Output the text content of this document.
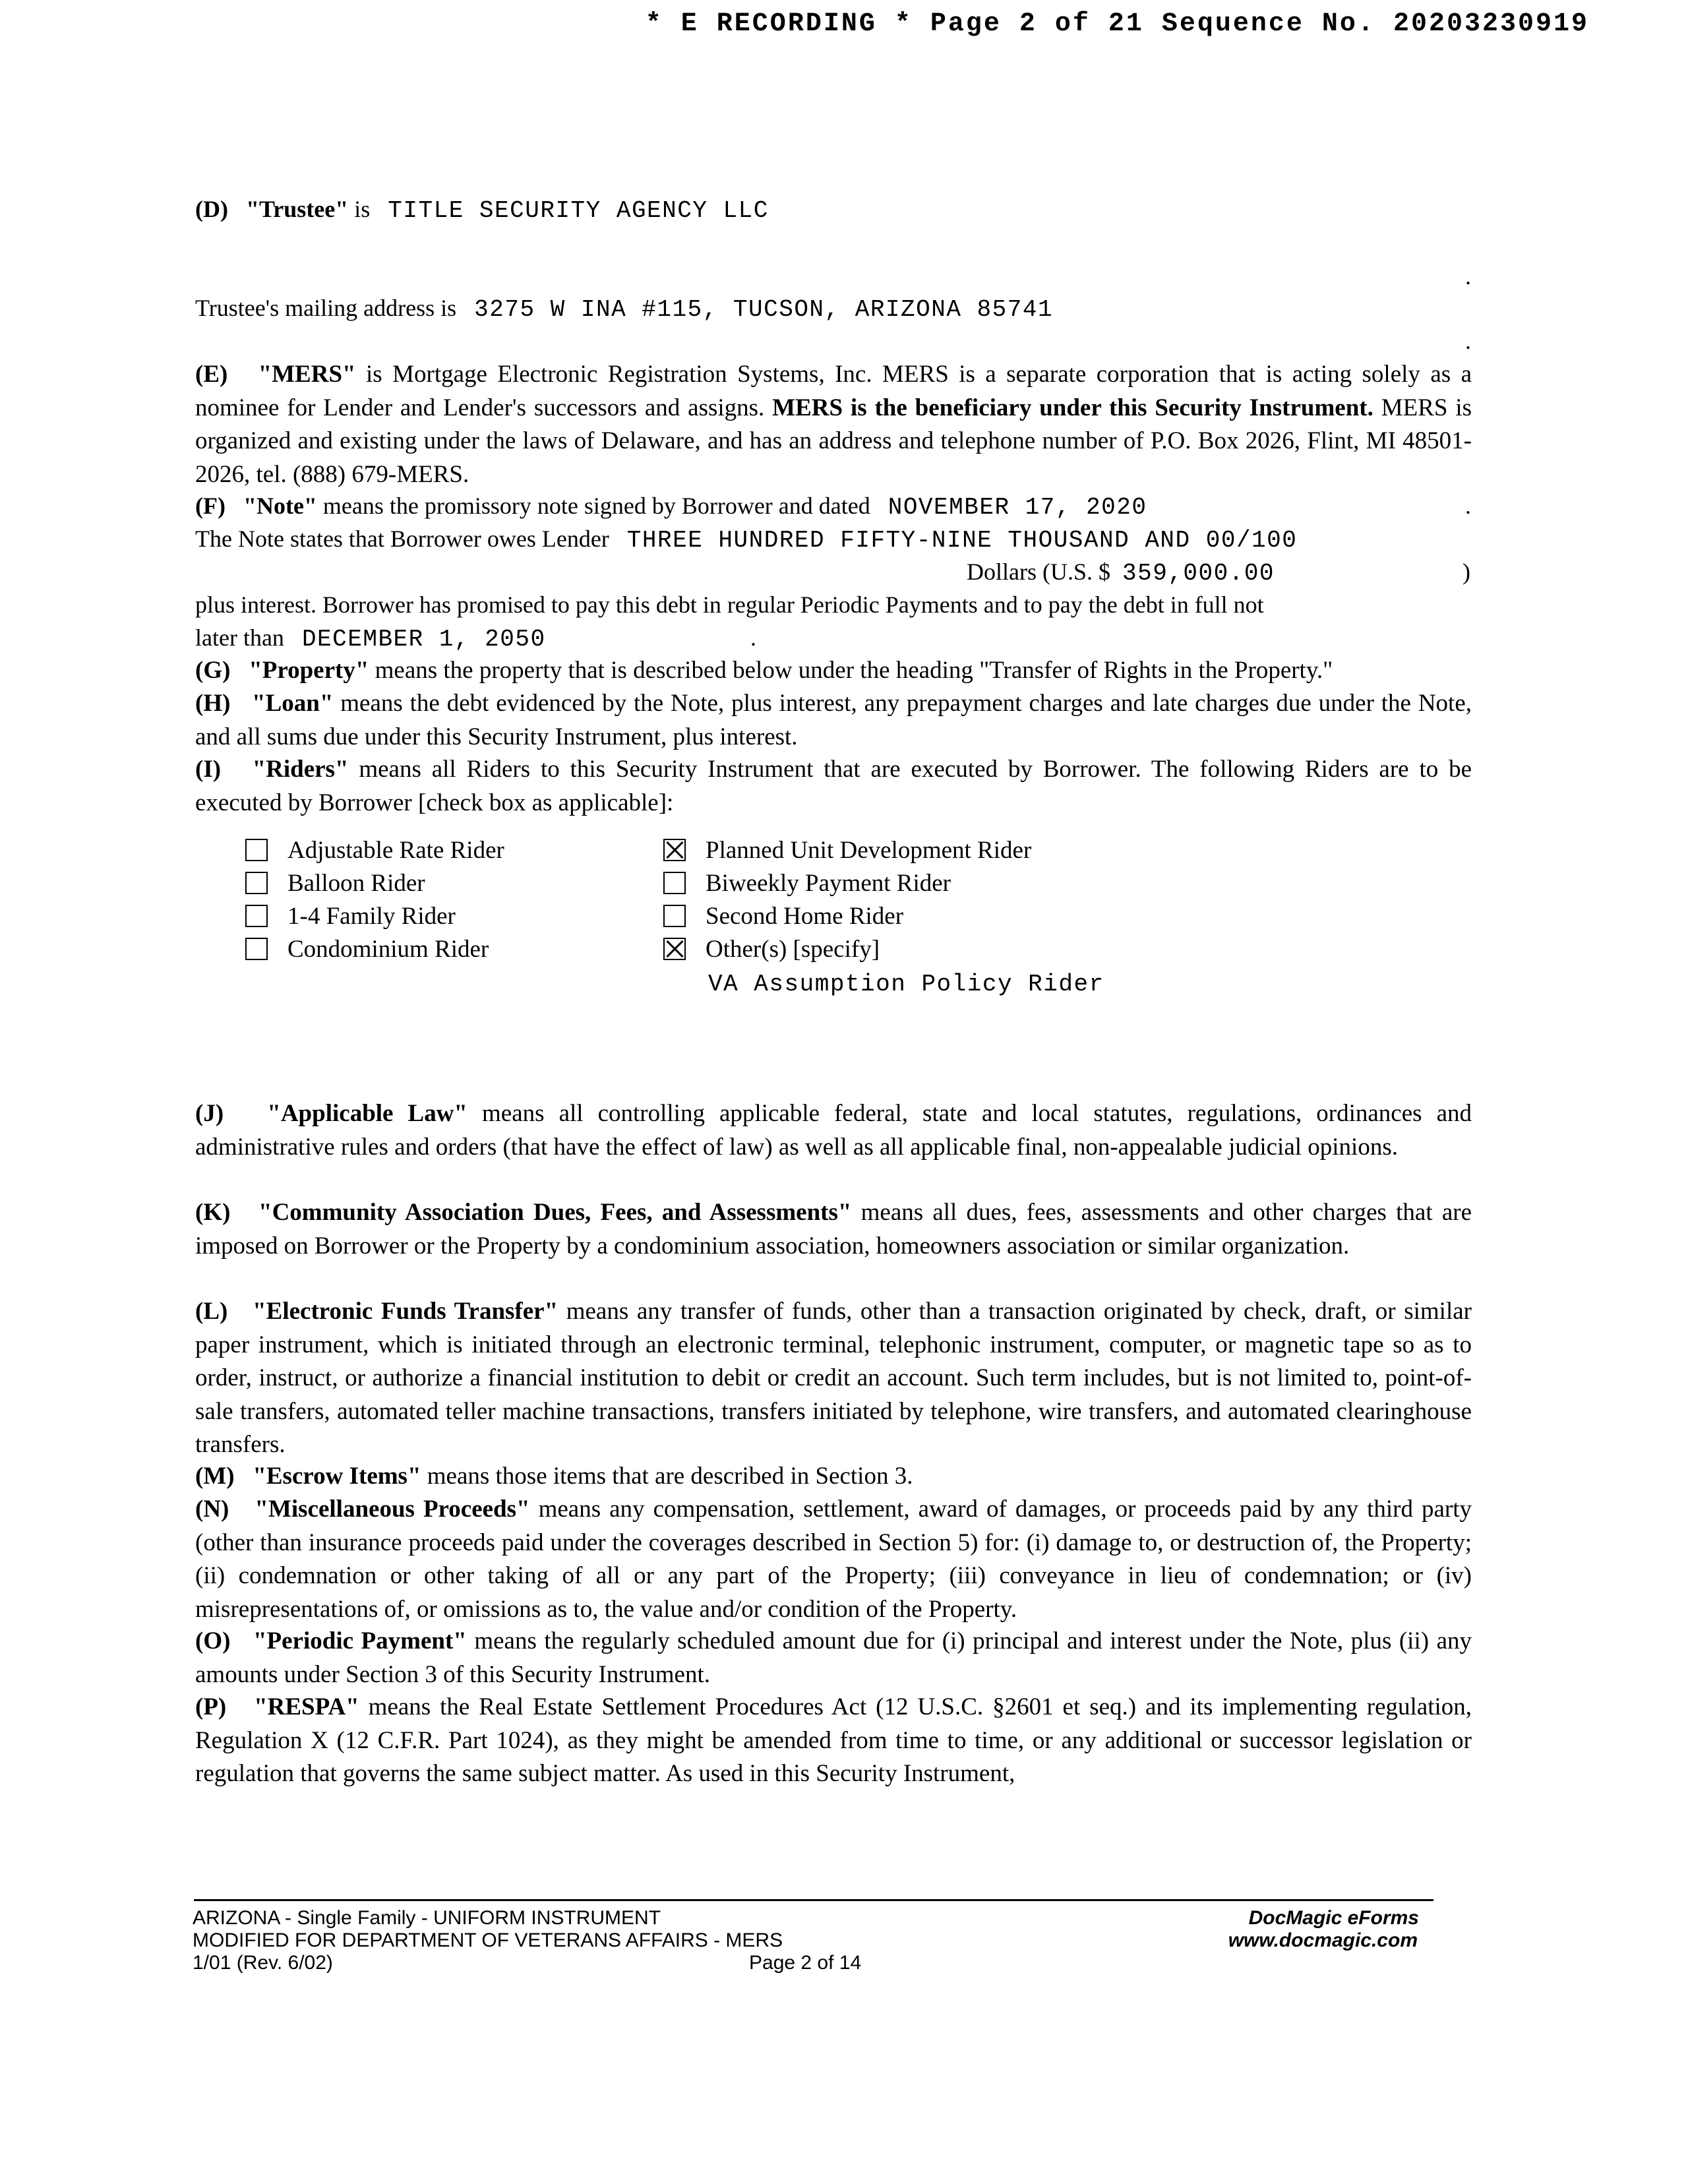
* E RECORDING * Page 2 of 21 Sequence No. 20203230919
(D) "Trustee" is TITLE SECURITY AGENCY LLC
.
Trustee's mailing address is 3275 W INA #115, TUCSON, ARIZONA 85741
.
(E) "MERS" is Mortgage Electronic Registration Systems, Inc. MERS is a separate corporation that is acting solely as a nominee for Lender and Lender's successors and assigns. MERS is the beneficiary under this Security Instrument. MERS is organized and existing under the laws of Delaware, and has an address and telephone number of P.O. Box 2026, Flint, MI 48501-2026, tel. (888) 679-MERS.
(F) "Note" means the promissory note signed by Borrower and dated NOVEMBER 17, 2020	.
The Note states that Borrower owes Lender THREE HUNDRED FIFTY-NINE THOUSAND AND 00/100
Dollars (U.S. $ 359,000.00	)
plus interest. Borrower has promised to pay this debt in regular Periodic Payments and to pay the debt in full not
later than DECEMBER 1, 2050	.
(G) "Property" means the property that is described below under the heading "Transfer of Rights in the Property."
(H) "Loan" means the debt evidenced by the Note, plus interest, any prepayment charges and late charges due under the Note, and all sums due under this Security Instrument, plus interest.
(I) "Riders" means all Riders to this Security Instrument that are executed by Borrower. The following Riders are to be executed by Borrower [check box as applicable]:
Adjustable Rate Rider
Balloon Rider
1-4 Family Rider
Condominium Rider
Planned Unit Development Rider
Biweekly Payment Rider
Second Home Rider
Other(s) [specify]
VA Assumption Policy Rider
(J) "Applicable Law" means all controlling applicable federal, state and local statutes, regulations, ordinances and administrative rules and orders (that have the effect of law) as well as all applicable final, non-appealable judicial opinions.
(K) "Community Association Dues, Fees, and Assessments" means all dues, fees, assessments and other charges that are imposed on Borrower or the Property by a condominium association, homeowners association or similar organization.
(L) "Electronic Funds Transfer" means any transfer of funds, other than a transaction originated by check, draft, or similar paper instrument, which is initiated through an electronic terminal, telephonic instrument, computer, or magnetic tape so as to order, instruct, or authorize a financial institution to debit or credit an account. Such term includes, but is not limited to, point-of-sale transfers, automated teller machine transactions, transfers initiated by telephone, wire transfers, and automated clearinghouse transfers.
(M) "Escrow Items" means those items that are described in Section 3.
(N) "Miscellaneous Proceeds" means any compensation, settlement, award of damages, or proceeds paid by any third party (other than insurance proceeds paid under the coverages described in Section 5) for: (i) damage to, or destruction of, the Property; (ii) condemnation or other taking of all or any part of the Property; (iii) conveyance in lieu of condemnation; or (iv) misrepresentations of, or omissions as to, the value and/or condition of the Property.
(O) "Periodic Payment" means the regularly scheduled amount due for (i) principal and interest under the Note, plus (ii) any amounts under Section 3 of this Security Instrument.
(P) "RESPA" means the Real Estate Settlement Procedures Act (12 U.S.C. §2601 et seq.) and its implementing regulation, Regulation X (12 C.F.R. Part 1024), as they might be amended from time to time, or any additional or successor legislation or regulation that governs the same subject matter. As used in this Security Instrument,
ARIZONA - Single Family - UNIFORM INSTRUMENT
MODIFIED FOR DEPARTMENT OF VETERANS AFFAIRS - MERS
1/01 (Rev. 6/02)	Page 2 of 14
DocMagic eForms
www.docmagic.com
